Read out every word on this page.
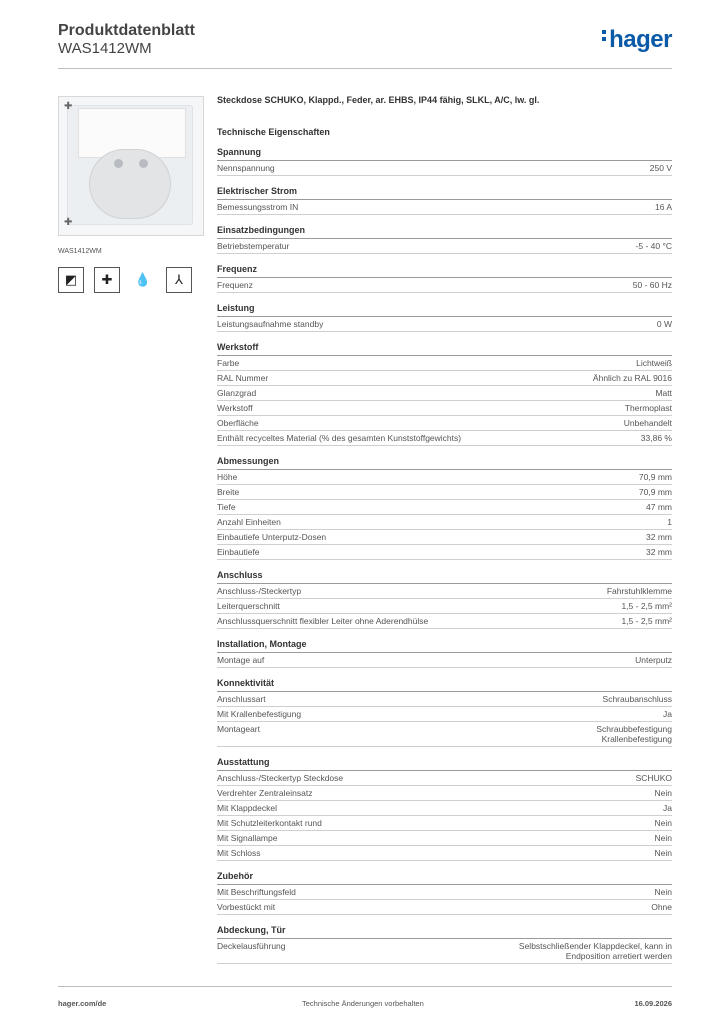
Produktdatenblatt
WAS1412WM	hager
✚
✚
WAS1412WM
◩	✚	💧	⅄
Steckdose SCHUKO, Klappd., Feder, ar. EHBS, IP44 fähig, SLKL, A/C, lw. gl.
Technische Eigenschaften
Spannung
Nennspannung	250 V
Elektrischer Strom
Bemessungsstrom IN	16 A
Einsatzbedingungen
Betriebstemperatur	-5 - 40 °C
Frequenz
Frequenz	50 - 60 Hz
Leistung
Leistungsaufnahme standby	0 W
Werkstoff
Farbe	Lichtweiß
RAL Nummer	Ähnlich zu RAL 9016
Glanzgrad	Matt
Werkstoff	Thermoplast
Oberfläche	Unbehandelt
Enthält recyceltes Material (% des gesamten Kunststoffgewichts)	33,86 %
Abmessungen
Höhe	70,9 mm
Breite	70,9 mm
Tiefe	47 mm
Anzahl Einheiten	1
Einbautiefe Unterputz-Dosen	32 mm
Einbautiefe	32 mm
Anschluss
Anschluss-/Steckertyp	Fahrstuhlklemme
Leiterquerschnitt	1,5 - 2,5 mm²
Anschlussquerschnitt flexibler Leiter ohne Aderendhülse	1,5 - 2,5 mm²
Installation, Montage
Montage auf	Unterputz
Konnektivität
Anschlussart	Schraubanschluss
Mit Krallenbefestigung	Ja
Montageart	Schraubbefestigung
Krallenbefestigung
Ausstattung
Anschluss-/Steckertyp Steckdose	SCHUKO
Verdrehter Zentraleinsatz	Nein
Mit Klappdeckel	Ja
Mit Schutzleiterkontakt rund	Nein
Mit Signallampe	Nein
Mit Schloss	Nein
Zubehör
Mit Beschriftungsfeld	Nein
Vorbestückt mit	Ohne
Abdeckung, Tür
Deckelausführung	Selbstschließender Klappdeckel, kann in
Endposition arretiert werden
hager.com/de	Technische Änderungen vorbehalten	16.09.2026
